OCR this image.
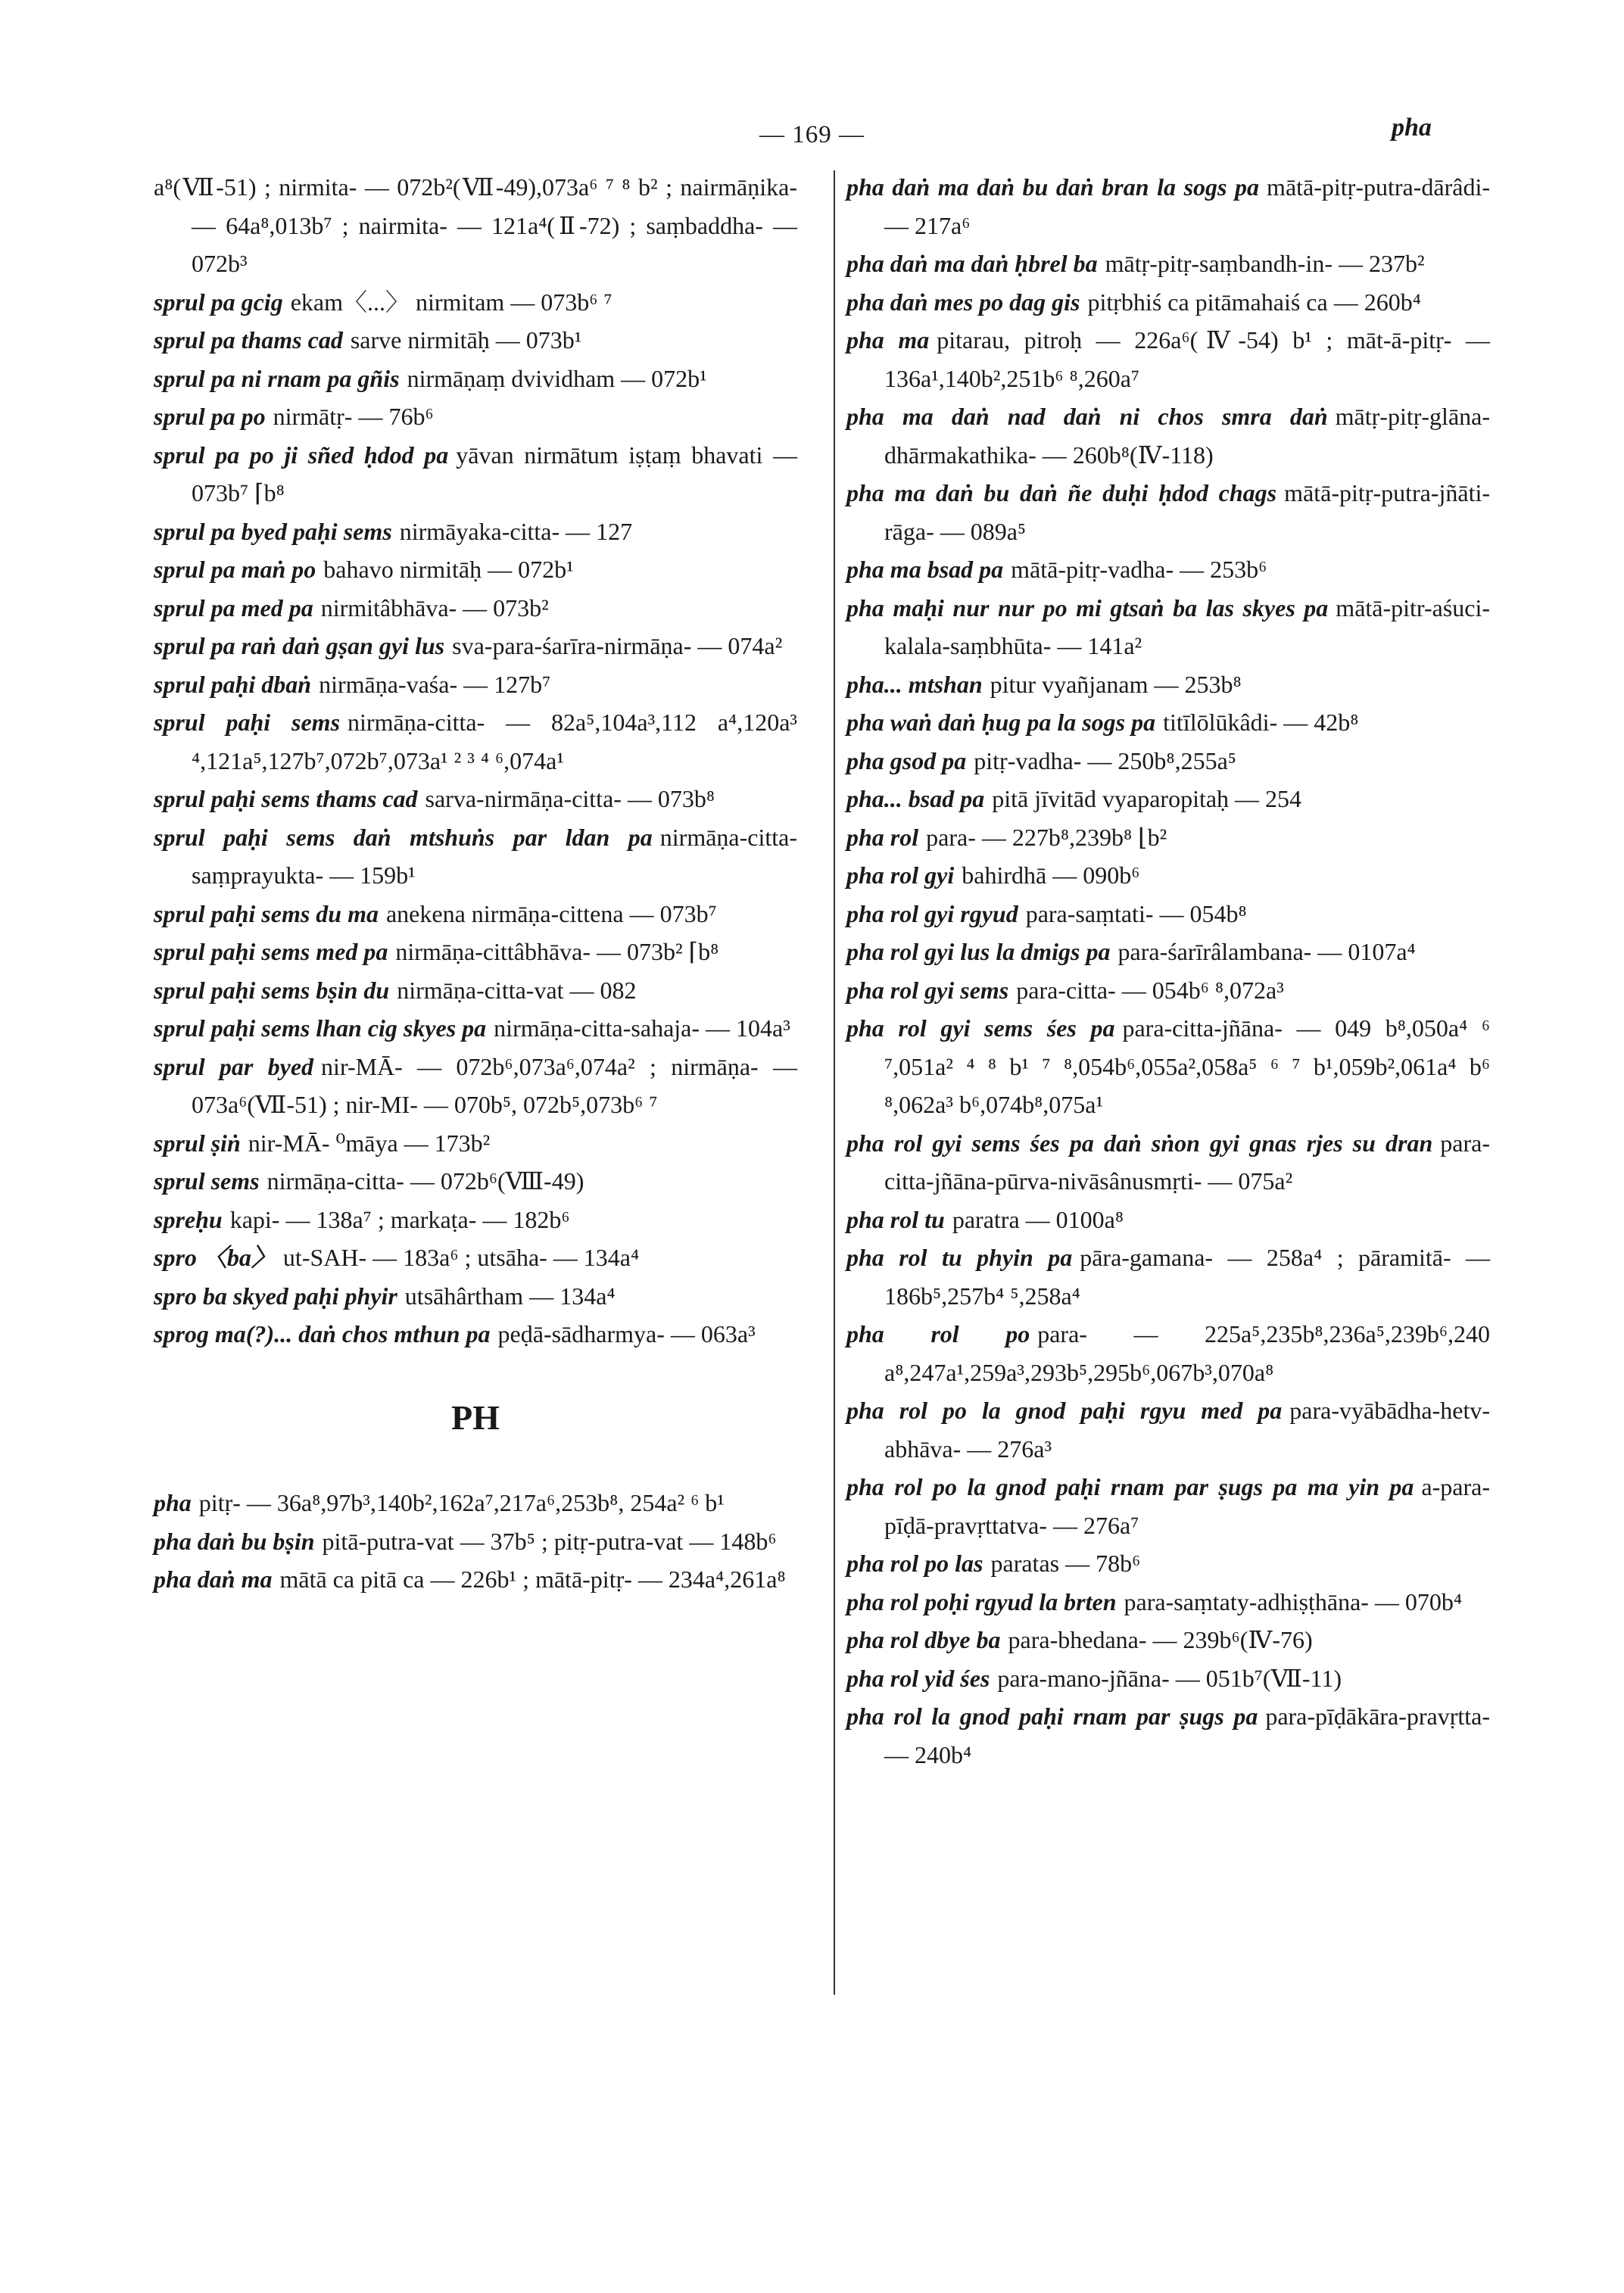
— 169 —	pha

a⁸(Ⅶ-51) ; nirmita- — 072b²(Ⅶ-49),073a⁶ ⁷ ⁸ b² ; nairmāṇika- — 64a⁸,013b⁷ ; nairmita- — 121a⁴(Ⅱ-72) ; saṃbaddha- — 072b³

sprul pa gcig ekam〈...〉 nirmitam — 073b⁶ ⁷

sprul pa thams cad sarve nirmitāḥ — 073b¹

sprul pa ni rnam pa gñis nirmāṇaṃ dvividham — 072b¹

sprul pa po nirmātṛ- — 76b⁶

sprul pa po ji sñed ḥdod pa yāvan nirmātum iṣṭaṃ bhavati — 073b⁷ ⌈b⁸

sprul pa byed paḥi sems nirmāyaka-citta- — 127

sprul pa maṅ po bahavo nirmitāḥ — 072b¹

sprul pa med pa nirmitâbhāva- — 073b²

sprul pa raṅ daṅ gṣan gyi lus sva-para-śarīra-nirmāṇa- — 074a²

sprul paḥi dbaṅ nirmāṇa-vaśa- — 127b⁷

sprul paḥi sems nirmāṇa-citta- — 82a⁵,104a³,112 a⁴,120a³ ⁴,121a⁵,127b⁷,072b⁷,073a¹ ² ³ ⁴ ⁶,074a¹

sprul paḥi sems thams cad sarva-nirmāṇa-citta- — 073b⁸

sprul paḥi sems daṅ mtshuṅs par ldan pa nirmāṇa-citta-saṃprayukta- — 159b¹

sprul paḥi sems du ma anekena nirmāṇa-cittena — 073b⁷

sprul paḥi sems med pa nirmāṇa-cittâbhāva- — 073b² ⌈b⁸

sprul paḥi sems bṣin du nirmāṇa-citta-vat — 082

sprul paḥi sems lhan cig skyes pa nirmāṇa-citta-sahaja- — 104a³

sprul par byed nir-MĀ- — 072b⁶,073a⁶,074a² ; nirmāṇa- — 073a⁶(Ⅶ-51) ; nir-MI- — 070b⁵, 072b⁵,073b⁶ ⁷

sprul ṣiṅ nir-MĀ- ⁰māya — 173b²

sprul sems nirmāṇa-citta- — 072b⁶(Ⅷ-49)

spreḥu kapi- — 138a⁷ ; markaṭa- — 182b⁶

spro 〈ba〉 ut-SAH- — 183a⁶ ; utsāha- — 134a⁴

spro ba skyed paḥi phyir utsāhârtham — 134a⁴

sprog ma(?)... daṅ chos mthun pa peḍā-sādharmya- — 063a³

PH

pha pitṛ- — 36a⁸,97b³,140b²,162a⁷,217a⁶,253b⁸, 254a² ⁶ b¹

pha daṅ bu bṣin pitā-putra-vat — 37b⁵ ; pitṛ-putra-vat — 148b⁶

pha daṅ ma mātā ca pitā ca — 226b¹ ; mātā-pitṛ- — 234a⁴,261a⁸

pha daṅ ma daṅ bu daṅ bran la sogs pa mātā-pitṛ-putra-dārâdi- — 217a⁶

pha daṅ ma daṅ ḥbrel ba mātṛ-pitṛ-saṃbandh-in- — 237b²

pha daṅ mes po dag gis pitṛbhiś ca pitāmahaiś ca — 260b⁴

pha ma pitarau, pitroḥ — 226a⁶(Ⅳ-54) b¹ ; māt-ā-pitṛ- — 136a¹,140b²,251b⁶ ⁸,260a⁷

pha ma daṅ nad daṅ ni chos smra daṅ mātṛ-pitṛ-glāna-dhārmakathika- — 260b⁸(Ⅳ-118)

pha ma daṅ bu daṅ ñe duḥi ḥdod chags mātā-pitṛ-putra-jñāti-rāga- — 089a⁵

pha ma bsad pa mātā-pitṛ-vadha- — 253b⁶

pha maḥi nur nur po mi gtsaṅ ba las skyes pa mātā-pitr-aśuci-kalala-saṃbhūta- — 141a²

pha... mtshan pitur vyañjanam — 253b⁸

pha waṅ daṅ ḥug pa la sogs pa titīlōlūkâdi- — 42b⁸

pha gsod pa pitṛ-vadha- — 250b⁸,255a⁵

pha... bsad pa pitā jīvitād vyaparopitaḥ — 254

pha rol para- — 227b⁸,239b⁸ ⌊b²

pha rol gyi bahirdhā — 090b⁶

pha rol gyi rgyud para-saṃtati- — 054b⁸

pha rol gyi lus la dmigs pa para-śarīrâlambana- — 0107a⁴

pha rol gyi sems para-citta- — 054b⁶ ⁸,072a³

pha rol gyi sems śes pa para-citta-jñāna- — 049 b⁸,050a⁴ ⁶ ⁷,051a² ⁴ ⁸ b¹ ⁷ ⁸,054b⁶,055a²,058a⁵ ⁶ ⁷ b¹,059b²,061a⁴ b⁶ ⁸,062a³ b⁶,074b⁸,075a¹

pha rol gyi sems śes pa daṅ sṅon gyi gnas rjes su dran para-citta-jñāna-pūrva-nivāsânusmṛti- — 075a²

pha rol tu paratra — 0100a⁸

pha rol tu phyin pa pāra-gamana- — 258a⁴ ; pāramitā- — 186b⁵,257b⁴ ⁵,258a⁴

pha rol po para- — 225a⁵,235b⁸,236a⁵,239b⁶,240 a⁸,247a¹,259a³,293b⁵,295b⁶,067b³,070a⁸

pha rol po la gnod paḥi rgyu med pa para-vyābādha-hetv-abhāva- — 276a³

pha rol po la gnod paḥi rnam par ṣugs pa ma yin pa a-para-pīḍā-pravṛttatva- — 276a⁷

pha rol po las paratas — 78b⁶

pha rol poḥi rgyud la brten para-saṃtaty-adhiṣṭhāna- — 070b⁴

pha rol dbye ba para-bhedana- — 239b⁶(Ⅳ-76)

pha rol yid śes para-mano-jñāna- — 051b⁷(Ⅶ-11)

pha rol la gnod paḥi rnam par ṣugs pa para-pīḍākāra-pravṛtta- — 240b⁴
